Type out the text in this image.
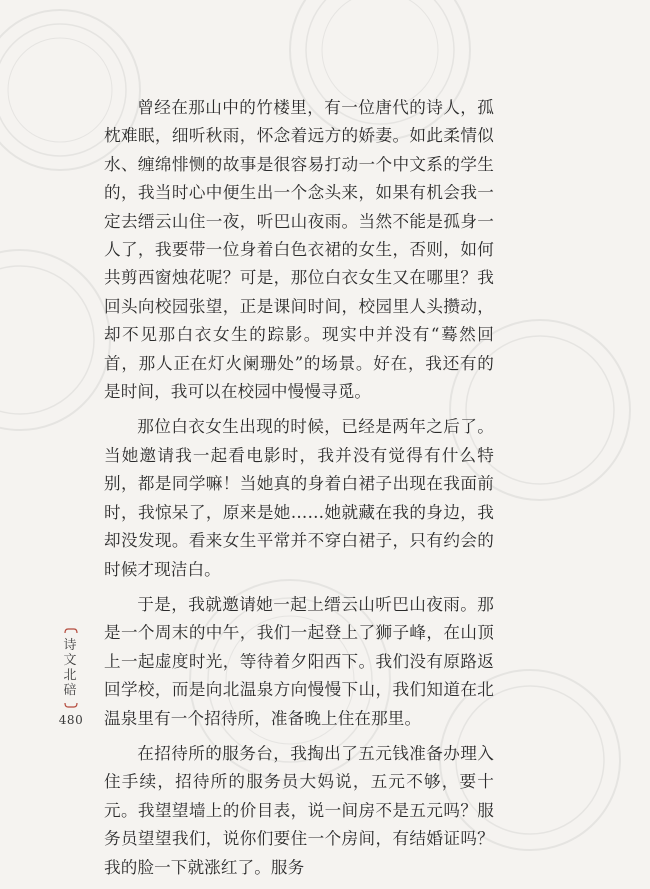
曾经在那山中的竹楼里，有一位唐代的诗人，孤枕难眠，细听秋雨，怀念着远方的娇妻。如此柔情似水、缠绵悱恻的故事是很容易打动一个中文系的学生的，我当时心中便生出一个念头来，如果有机会我一定去缙云山住一夜，听巴山夜雨。当然不能是孤身一人了，我要带一位身着白色衣裙的女生，否则，如何共剪西窗烛花呢？可是，那位白衣女生又在哪里？我回头向校园张望，正是课间时间，校园里人头攒动，却不见那白衣女生的踪影。现实中并没有“蓦然回首，那人正在灯火阑珊处”的场景。好在，我还有的是时间，我可以在校园中慢慢寻觅。

那位白衣女生出现的时候，已经是两年之后了。当她邀请我一起看电影时，我并没有觉得有什么特别，都是同学嘛！当她真的身着白裙子出现在我面前时，我惊呆了，原来是她……她就藏在我的身边，我却没发现。看来女生平常并不穿白裙子，只有约会的时候才现洁白。

于是，我就邀请她一起上缙云山听巴山夜雨。那是一个周末的中午，我们一起登上了狮子峰，在山顶上一起虚度时光，等待着夕阳西下。我们没有原路返回学校，而是向北温泉方向慢慢下山，我们知道在北温泉里有一个招待所，准备晚上住在那里。

在招待所的服务台，我掏出了五元钱准备办理入住手续，招待所的服务员大妈说，五元不够，要十元。我望望墙上的价目表，说一间房不是五元吗？服务员望望我们，说你们要住一个房间，有结婚证吗？我的脸一下就涨红了。服务

诗文北碚
480
